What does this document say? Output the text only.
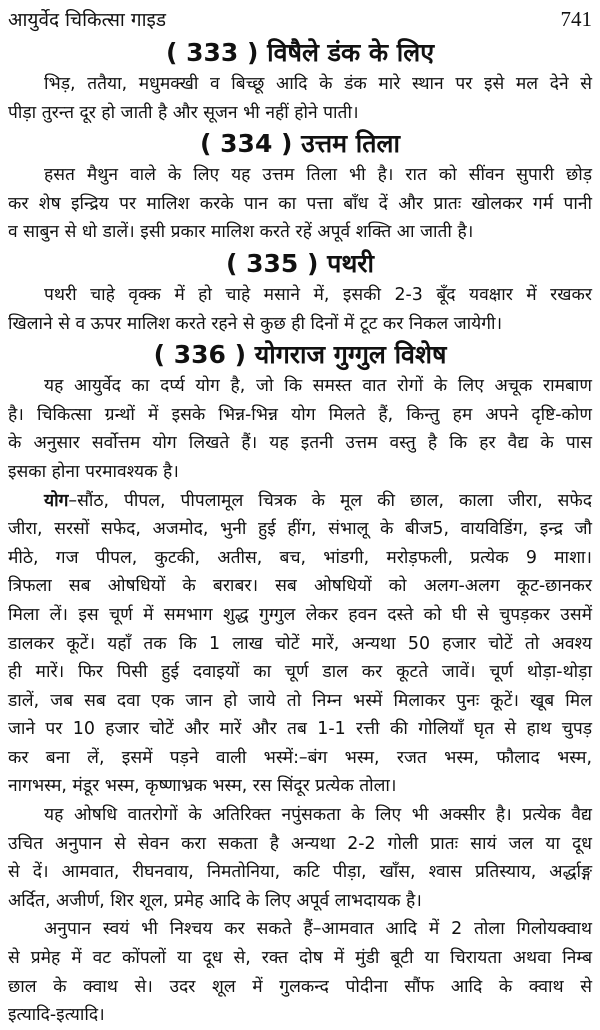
आयुर्वेद चिकित्सा गाइड	741
( 333 ) विषैले डंक के लिए
भिड़, ततैया, मधुमक्खी व बिच्छू आदि के डंक मारे स्थान पर इसे मल देने से
पीड़ा तुरन्त दूर हो जाती है और सूजन भी नहीं होने पाती।
( 334 ) उत्तम तिला
हसत मैथुन वाले के लिए यह उत्तम तिला भी है। रात को सींवन सुपारी छोड़
कर शेष इन्द्रिय पर मालिश करके पान का पत्ता बाँध दें और प्रातः खोलकर गर्म पानी
व साबुन से धो डालें। इसी प्रकार मालिश करते रहें अपूर्व शक्ति आ जाती है।
( 335 ) पथरी
पथरी चाहे वृक्क में हो चाहे मसाने में, इसकी 2-3 बूँद यवक्षार में रखकर
खिलाने से व ऊपर मालिश करते रहने से कुछ ही दिनों में टूट कर निकल जायेगी।
( 336 ) योगराज गुग्गुल विशेष
यह आयुर्वेद का दर्प्य योग है, जो कि समस्त वात रोगों के लिए अचूक रामबाण
है। चिकित्सा ग्रन्थों में इसके भिन्न-भिन्न योग मिलते हैं, किन्तु हम अपने दृष्टि-कोण
के अनुसार सर्वोत्तम योग लिखते हैं। यह इतनी उत्तम वस्तु है कि हर वैद्य के पास
इसका होना परमावश्यक है।
योग–सौंठ, पीपल, पीपलामूल चित्रक के मूल की छाल, काला जीरा, सफेद
जीरा, सरसों सफेद, अजमोद, भुनी हुई हींग, संभालू के बीज5, वायविडिंग, इन्द्र जौ
मीठे, गज पीपल, कुटकी, अतीस, बच, भांडगी, मरोड़फली, प्रत्येक 9 माशा।
त्रिफला सब ओषधियों के बराबर। सब ओषधियों को अलग-अलग कूट-छानकर
मिला लें। इस चूर्ण में समभाग शुद्ध गुग्गुल लेकर हवन दस्ते को घी से चुपड़कर उसमें
डालकर कूटें। यहाँ तक कि 1 लाख चोटें मारें, अन्यथा 50 हजार चोटें तो अवश्य
ही मारें। फिर पिसी हुई दवाइयों का चूर्ण डाल कर कूटते जावें। चूर्ण थोड़ा-थोड़ा
डालें, जब सब दवा एक जान हो जाये तो निम्न भस्में मिलाकर पुनः कूटें। खूब मिल
जाने पर 10 हजार चोटें और मारें और तब 1-1 रत्ती की गोलियाँ घृत से हाथ चुपड़
कर बना लें, इसमें पड़ने वाली भस्में:–बंग भस्म, रजत भस्म, फौलाद भस्म,
नागभस्म, मंडूर भस्म, कृष्णाभ्रक भस्म, रस सिंदूर प्रत्येक तोला।
यह ओषधि वातरोगों के अतिरिक्त नपुंसकता के लिए भी अक्सीर है। प्रत्येक वैद्य
उचित अनुपान से सेवन करा सकता है अन्यथा 2-2 गोली प्रातः सायं जल या दूध
से दें। आमवात, रीघनवाय, निमतोनिया, कटि पीड़ा, खाँस, श्वास प्रतिस्याय, अर्द्धाङ्ग
अर्दित, अजीर्ण, शिर शूल, प्रमेह आदि के लिए अपूर्व लाभदायक है।
अनुपान स्वयं भी निश्चय कर सकते हैं–आमवात आदि में 2 तोला गिलोयक्वाथ
से प्रमेह में वट कोंपलों या दूध से, रक्त दोष में मुंडी बूटी या चिरायता अथवा निम्ब
छाल के क्वाथ से। उदर शूल में गुलकन्द पोदीना सौंफ आदि के क्वाथ से
इत्यादि-इत्यादि।
